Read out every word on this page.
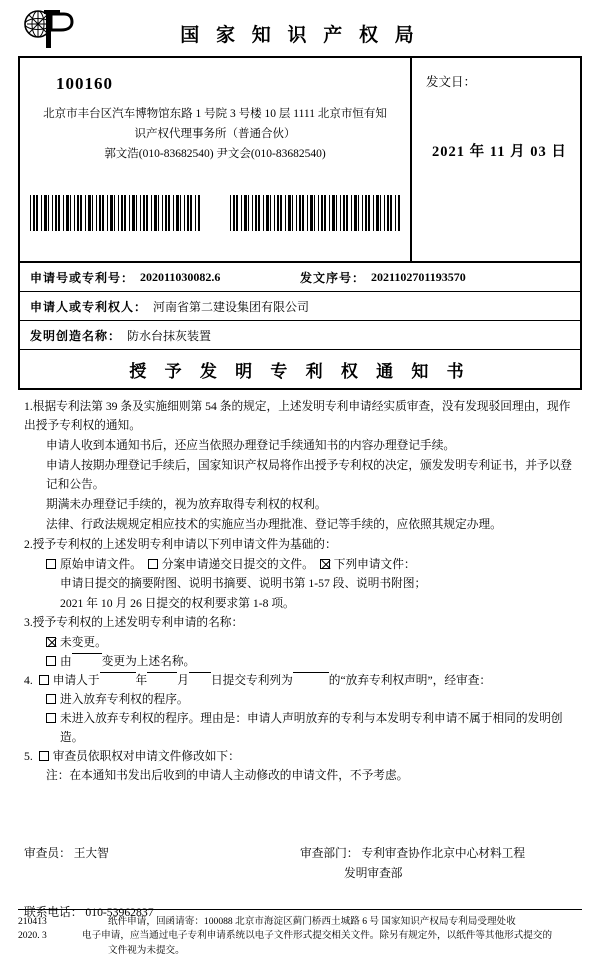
国 家 知 识 产 权 局
100160
北京市丰台区汽车博物馆东路 1 号院 3 号楼 10 层 1111 北京市恒有知
识产权代理事务所（普通合伙）
郭文浩(010-83682540) 尹文会(010-83682540)
发文日：
2021 年 11 月 03 日
申请号或专利号： 202011030082.6	发文序号： 2021102701193570
申请人或专利权人： 河南省第二建设集团有限公司
发明创造名称： 防水台抹灰装置
授 予 发 明 专 利 权 通 知 书

1.根据专利法第 39 条及实施细则第 54 条的规定，上述发明专利申请经实质审查，没有发现驳回理由，现作出授予专利权的通知。

申请人收到本通知书后，还应当依照办理登记手续通知书的内容办理登记手续。

申请人按期办理登记手续后，国家知识产权局将作出授予专利权的决定，颁发发明专利证书，并予以登记和公告。

期满未办理登记手续的，视为放弃取得专利权的权利。

法律、行政法规规定相应技术的实施应当办理批准、登记等手续的，应依照其规定办理。

2.授予专利权的上述发明专利申请以下列申请文件为基础的：

原始申请文件。 分案申请递交日提交的文件。 下列申请文件：

申请日提交的摘要附图、说明书摘要、说明书第 1-57 段、说明书附图；

2021 年 10 月 26 日提交的权利要求第 1-8 项。

3.授予专利权的上述发明专利申请的名称：

未变更。
由	变更为上述名称。
4. 申请人于	年	月 日提交专利列为	的“放弃专利权声明”，经审查：
进入放弃专利权的程序。
未进入放弃专利权的程序。理由是：申请人声明放弃的专利与本发明专利申请不属于相同的发明创造。
5. 审查员依职权对申请文件修改如下：

注：在本通知书发出后收到的申请人主动修改的申请文件，不予考虑。

审查员： 王大智	审查部门： 专利审查协作北京中心材料工程
发明审查部
联系电话： 010-53962837
210413
2020. 3
纸件申请，回函请寄：100088 北京市海淀区蓟门桥西土城路 6 号 国家知识产权局专利局受理处收
电子申请，应当通过电子专利申请系统以电子文件形式提交相关文件。除另有规定外，以纸件等其他形式提交的
文件视为未提交。
